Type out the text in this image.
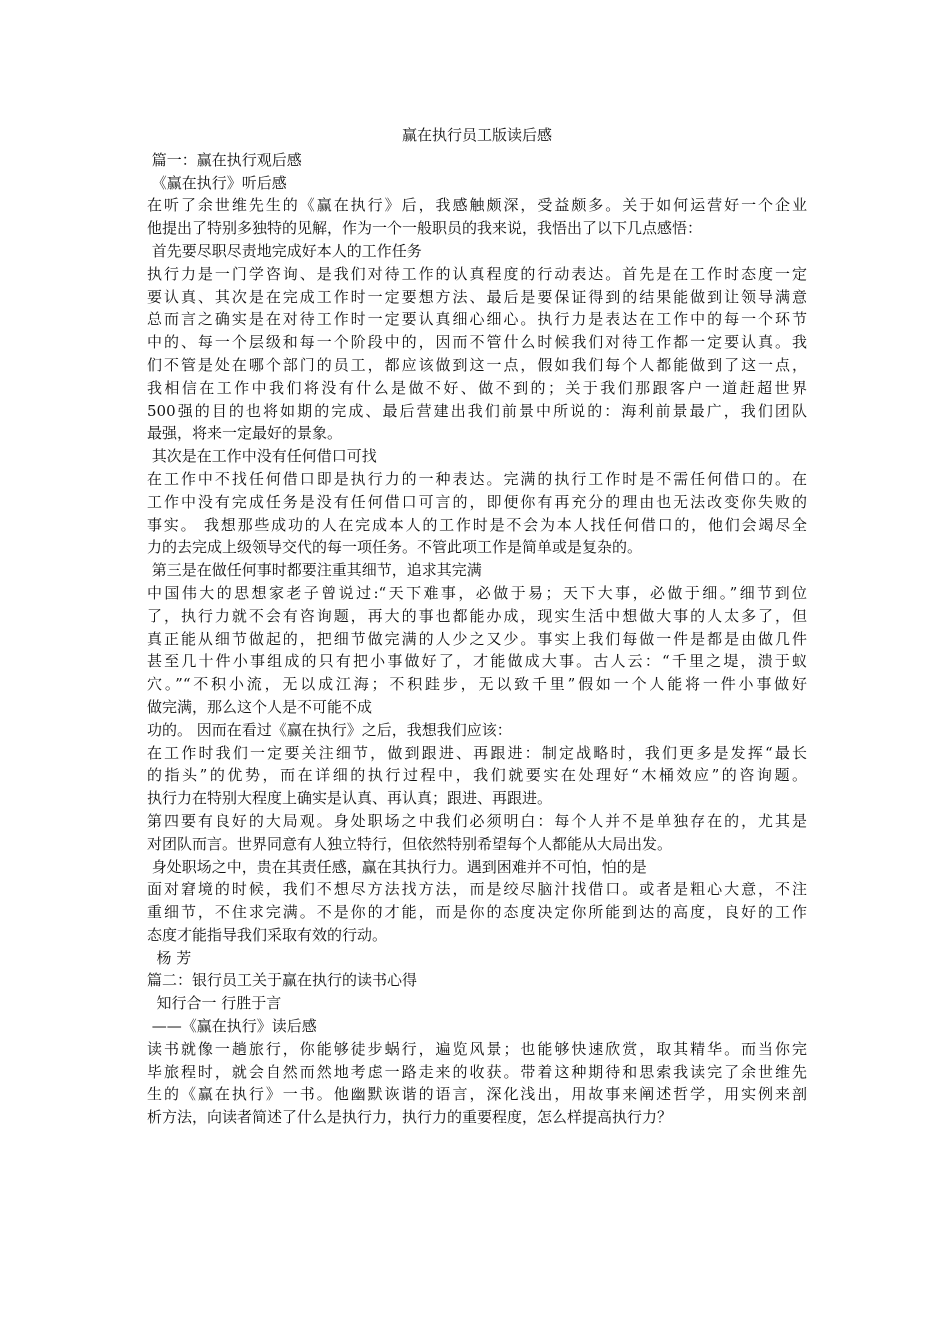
赢在执行员工版读后感
篇一：赢在执行观后感
《赢在执行》听后感
在听了余世维先生的《赢在执行》后，我感触颇深，受益颇多。关于如何运营好一个企业
他提出了特别多独特的见解，作为一个一般职员的我来说，我悟出了以下几点感悟：
首先要尽职尽责地完成好本人的工作任务
执行力是一门学咨询、是我们对待工作的认真程度的行动表达。首先是在工作时态度一定
要认真、其次是在完成工作时一定要想方法、最后是要保证得到的结果能做到让领导满意
总而言之确实是在对待工作时一定要认真细心细心。执行力是表达在工作中的每一个环节
中的、每一个层级和每一个阶段中的，因而不管什么时候我们对待工作都一定要认真。我
们不管是处在哪个部门的员工，都应该做到这一点，假如我们每个人都能做到了这一点，
我相信在工作中我们将没有什么是做不好、做不到的；关于我们那跟客户一道赶超世界
500强的目的也将如期的完成、最后营建出我们前景中所说的：海利前景最广，我们团队
最强，将来一定最好的景象。
其次是在工作中没有任何借口可找
在工作中不找任何借口即是执行力的一种表达。完满的执行工作时是不需任何借口的。在
工作中没有完成任务是没有任何借口可言的，即便你有再充分的理由也无法改变你失败的
事实。 我想那些成功的人在完成本人的工作时是不会为本人找任何借口的，他们会竭尽全
力的去完成上级领导交代的每一项任务。不管此项工作是简单或是复杂的。
第三是在做任何事时都要注重其细节，追求其完满
中国伟大的思想家老子曾说过:“天下难事，必做于易；天下大事，必做于细。”细节到位
了，执行力就不会有咨询题，再大的事也都能办成，现实生活中想做大事的人太多了，但
真正能从细节做起的，把细节做完满的人少之又少。事实上我们每做一件是都是由做几件
甚至几十件小事组成的只有把小事做好了，才能做成大事。古人云：“千里之堤，溃于蚁
穴。”“不积小流，无以成江海；不积跬步，无以致千里”假如一个人能将一件小事做好
做完满，那么这个人是不可能不成
功的。 因而在看过《赢在执行》之后，我想我们应该：
在工作时我们一定要关注细节，做到跟进、再跟进：制定战略时，我们更多是发挥“最长
的指头”的优势，而在详细的执行过程中，我们就要实在处理好“木桶效应”的咨询题。
执行力在特别大程度上确实是认真、再认真；跟进、再跟进。
第四要有良好的大局观。身处职场之中我们必须明白：每个人并不是单独存在的，尤其是
对团队而言。世界同意有人独立特行，但依然特别希望每个人都能从大局出发。
身处职场之中，贵在其责任感，赢在其执行力。遇到困难并不可怕，怕的是
面对窘境的时候，我们不想尽方法找方法，而是绞尽脑汁找借口。或者是粗心大意，不注
重细节，不住求完满。不是你的才能，而是你的态度决定你所能到达的高度，良好的工作
态度才能指导我们采取有效的行动。
杨 芳
篇二：银行员工关于赢在执行的读书心得
知行合一 行胜于言
——《赢在执行》读后感
读书就像一趟旅行，你能够徒步蜗行，遍览风景；也能够快速欣赏，取其精华。而当你完
毕旅程时，就会自然而然地考虑一路走来的收获。带着这种期待和思索我读完了余世维先
生的《赢在执行》一书。他幽默诙谐的语言，深化浅出，用故事来阐述哲学，用实例来剖
析方法，向读者简述了什么是执行力，执行力的重要程度，怎么样提高执行力？
